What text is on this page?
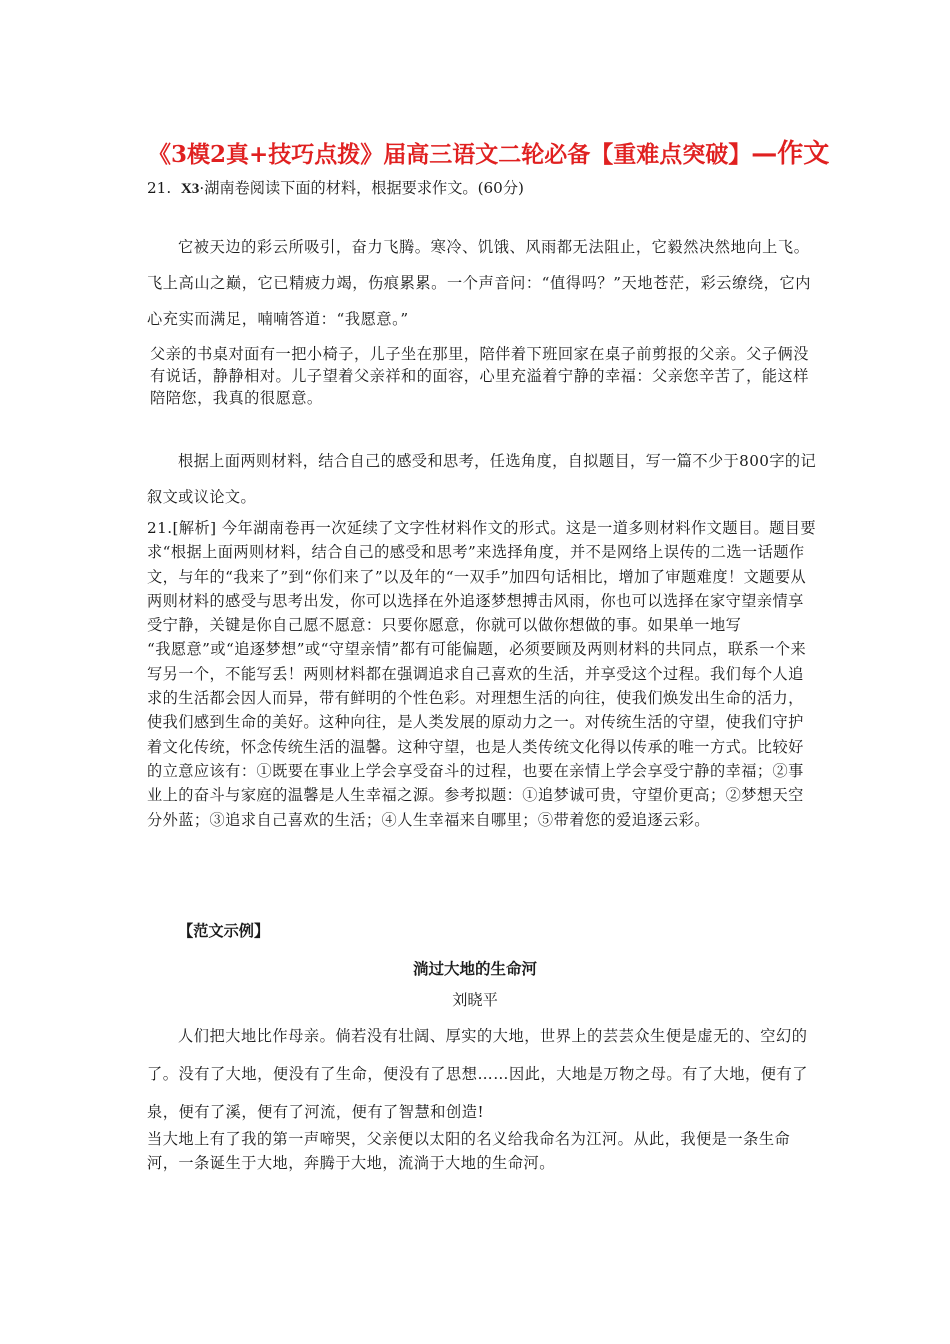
《3模2真+技巧点拨》届高三语文二轮必备【重难点突破】—作文
21. X3·湖南卷阅读下面的材料，根据要求作文。(60分)

它被天边的彩云所吸引，奋力飞腾。寒冷、饥饿、风雨都无法阻止，它毅然决然地向上飞。飞上高山之巅，它已精疲力竭，伤痕累累。一个声音问：“值得吗？”天地苍茫，彩云缭绕，它内心充实而满足，喃喃答道：“我愿意。”

父亲的书桌对面有一把小椅子，儿子坐在那里，陪伴着下班回家在桌子前剪报的父亲。父子俩没有说话，静静相对。儿子望着父亲祥和的面容，心里充溢着宁静的幸福：父亲您辛苦了，能这样陪陪您，我真的很愿意。

根据上面两则材料，结合自己的感受和思考，任选角度，自拟题目，写一篇不少于800字的记叙文或议论文。

21.[解析] 今年湖南卷再一次延续了文字性材料作文的形式。这是一道多则材料作文题目。题目要求“根据上面两则材料，结合自己的感受和思考”来选择角度，并不是网络上误传的二选一话题作文，与年的“我来了”到“你们来了”以及年的“一双手”加四句话相比，增加了审题难度！文题要从两则材料的感受与思考出发，你可以选择在外追逐梦想搏击风雨，你也可以选择在家守望亲情享受宁静，关键是你自己愿不愿意：只要你愿意，你就可以做你想做的事。如果单一地写

“我愿意”或“追逐梦想”或“守望亲情”都有可能偏题，必须要顾及两则材料的共同点，联系一个来写另一个，不能写丢！两则材料都在强调追求自己喜欢的生活，并享受这个过程。我们每个人追求的生活都会因人而异，带有鲜明的个性色彩。对理想生活的向往，使我们焕发出生命的活力，使我们感到生命的美好。这种向往，是人类发展的原动力之一。对传统生活的守望，使我们守护着文化传统，怀念传统生活的温馨。这种守望，也是人类传统文化得以传承的唯一方式。比较好的立意应该有：①既要在事业上学会享受奋斗的过程，也要在亲情上学会享受宁静的幸福；②事业上的奋斗与家庭的温馨是人生幸福之源。参考拟题：①追梦诚可贵，守望价更高；②梦想天空分外蓝；③追求自己喜欢的生活；④人生幸福来自哪里；⑤带着您的爱追逐云彩。

【范文示例】
淌过大地的生命河
刘晓平

人们把大地比作母亲。倘若没有壮阔、厚实的大地，世界上的芸芸众生便是虚无的、空幻的了。没有了大地，便没有了生命，便没有了思想……因此，大地是万物之母。有了大地，便有了泉，便有了溪，便有了河流，便有了智慧和创造!

当大地上有了我的第一声啼哭，父亲便以太阳的名义给我命名为江河。从此，我便是一条生命河，一条诞生于大地，奔腾于大地，流淌于大地的生命河。
